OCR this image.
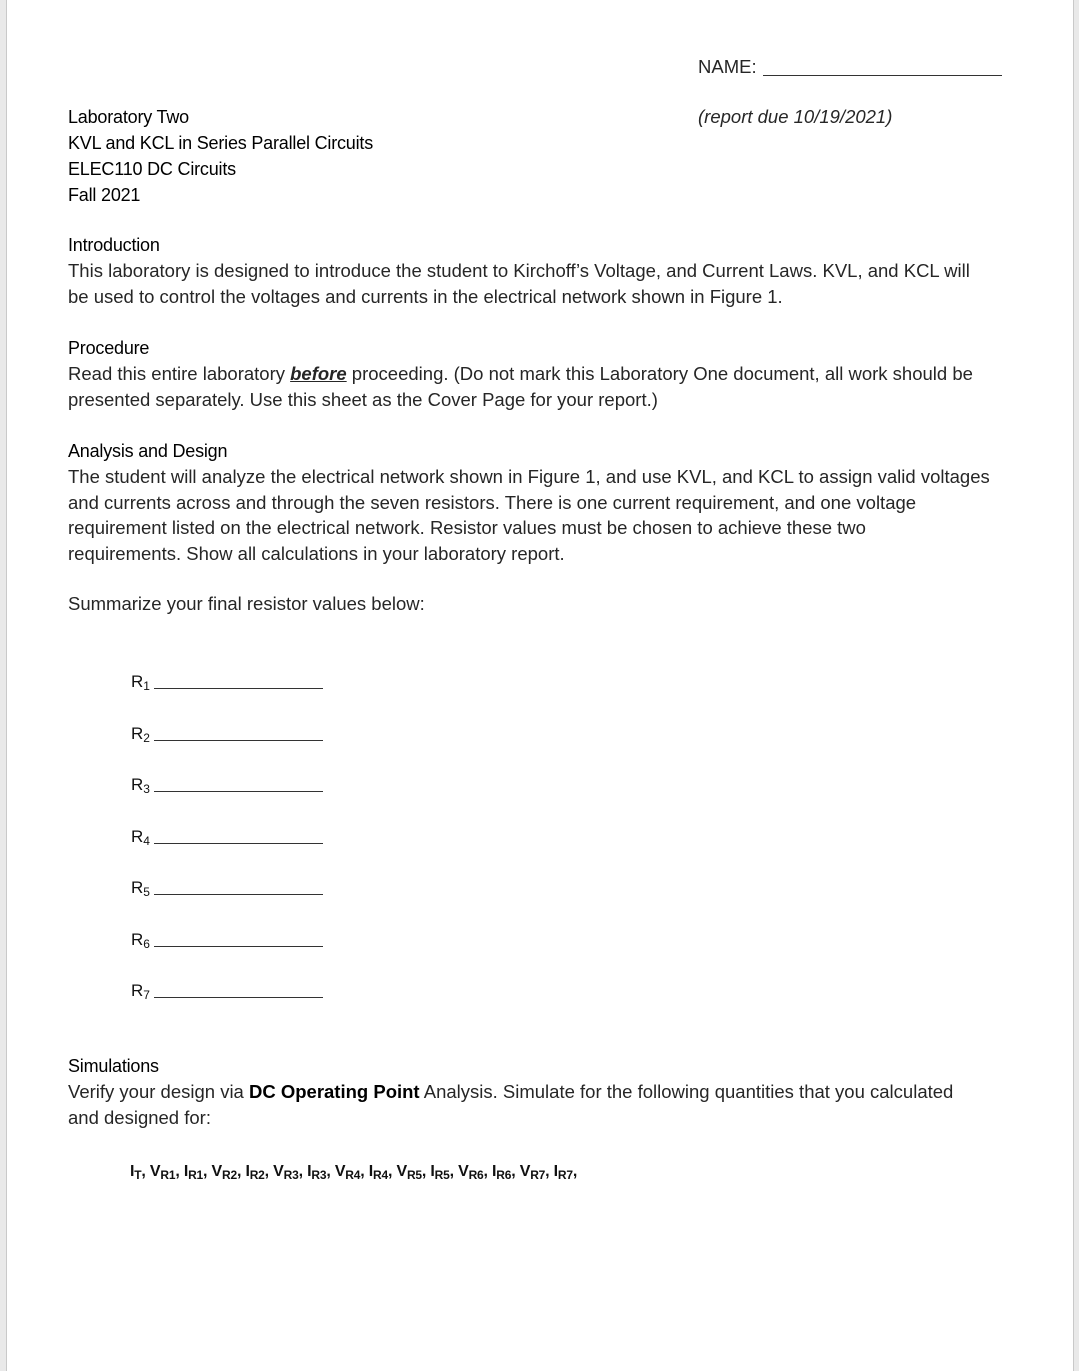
NAME:
(report due 10/19/2021)
Laboratory Two
KVL and KCL in Series Parallel Circuits
ELEC110 DC Circuits
Fall 2021
Introduction
This laboratory is designed to introduce the student to Kirchoff’s Voltage, and Current Laws. KVL, and KCL will
be used to control the voltages and currents in the electrical network shown in Figure 1.
Procedure
Read this entire laboratory before proceeding. (Do not mark this Laboratory One document, all work should be
presented separately. Use this sheet as the Cover Page for your report.)
Analysis and Design
The student will analyze the electrical network shown in Figure 1, and use KVL, and KCL to assign valid voltages
and currents across and through the seven resistors. There is one current requirement, and one voltage
requirement listed on the electrical network. Resistor values must be chosen to achieve these two
requirements. Show all calculations in your laboratory report.
Summarize your final resistor values below:
$R_1$
$R_2$
$R_3$
$R_4$
$R_5$
$R_6$
$R_7$
Simulations
Verify your design via DC Operating Point Analysis. Simulate for the following quantities that you calculated
and designed for:
$I_T$, $V_{R1}$, $I_{R1}$, $V_{R2}$, $I_{R2}$, $V_{R3}$, $I_{R3}$, $V_{R4}$, $I_{R4}$, $V_{R5}$, $I_{R5}$, $V_{R6}$, $I_{R6}$, $V_{R7}$, $I_{R7}$,
